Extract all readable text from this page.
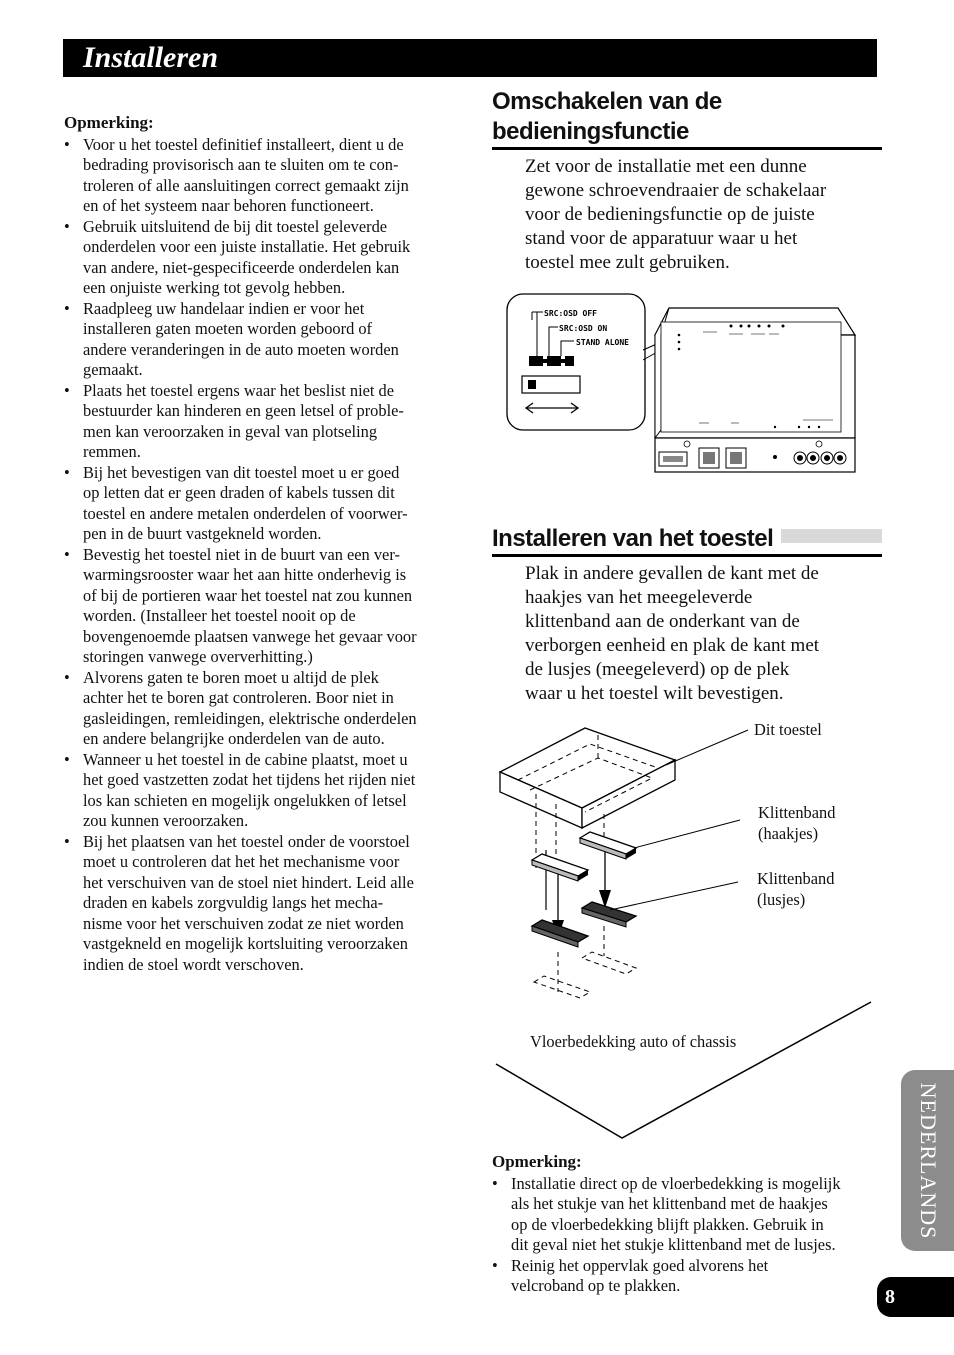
Installeren
Opmerking:
• Voor u het toestel definitief installeert, dient u de
bedrading provisorisch aan te sluiten om te con-
troleren of alle aansluitingen correct gemaakt zijn
en of het systeem naar behoren functioneert.
• Gebruik uitsluitend de bij dit toestel geleverde
onderdelen voor een juiste installatie. Het gebruik
van andere, niet-gespecificeerde onderdelen kan
een onjuiste werking tot gevolg hebben.
• Raadpleeg uw handelaar indien er voor het
installeren gaten moeten worden geboord of
andere veranderingen in de auto moeten worden
gemaakt.
• Plaats het toestel ergens waar het beslist niet de
bestuurder kan hinderen en geen letsel of proble-
men kan veroorzaken in geval van plotseling
remmen.
• Bij het bevestigen van dit toestel moet u er goed
op letten dat er geen draden of kabels tussen dit
toestel en andere metalen onderdelen of voorwer-
pen in de buurt vastgekneld worden.
• Bevestig het toestel niet in de buurt van een ver-
warmingsrooster waar het aan hitte onderhevig is
of bij de portieren waar het toestel nat zou kunnen
worden. (Installeer het toestel nooit op de
bovengenoemde plaatsen vanwege het gevaar voor
storingen vanwege oververhitting.)
• Alvorens gaten te boren moet u altijd de plek
achter het te boren gat controleren. Boor niet in
gasleidingen, remleidingen, elektrische onderdelen
en andere belangrijke onderdelen van de auto.
• Wanneer u het toestel in de cabine plaatst, moet u
het goed vastzetten zodat het tijdens het rijden niet
los kan schieten en mogelijk ongelukken of letsel
zou kunnen veroorzaken.
• Bij het plaatsen van het toestel onder de voorstoel
moet u controleren dat het het mechanisme voor
het verschuiven van de stoel niet hindert. Leid alle
draden en kabels zorgvuldig langs het mecha-
nisme voor het verschuiven zodat ze niet worden
vastgekneld en mogelijk kortsluiting veroorzaken
indien de stoel wordt verschoven.
Omschakelen van de bedieningsfunctie
Zet voor de installatie met een dunne
gewone schroevendraaier de schakelaar
voor de bedieningsfunctie op de juiste
stand voor de apparatuur waar u het
toestel mee zult gebruiken.
SRC:OSD OFF
SRC:OSD ON
STAND ALONE
Installeren van het toestel
Plak in andere gevallen de kant met de
haakjes van het meegeleverde
klittenband aan de onderkant van de
verborgen eenheid en plak de kant met
de lusjes (meegeleverd) op de plek
waar u het toestel wilt bevestigen.
Dit toestel
Klittenband
(haakjes)
Klittenband
(lusjes)
Vloerbedekking auto of chassis
Opmerking:
• Installatie direct op de vloerbedekking is mogelijk
als het stukje van het klittenband met de haakjes
op de vloerbedekking blijft plakken. Gebruik in
dit geval niet het stukje klittenband met de lusjes.
• Reinig het oppervlak goed alvorens het
velcroband op te plakken.
NEDERLANDS
8
